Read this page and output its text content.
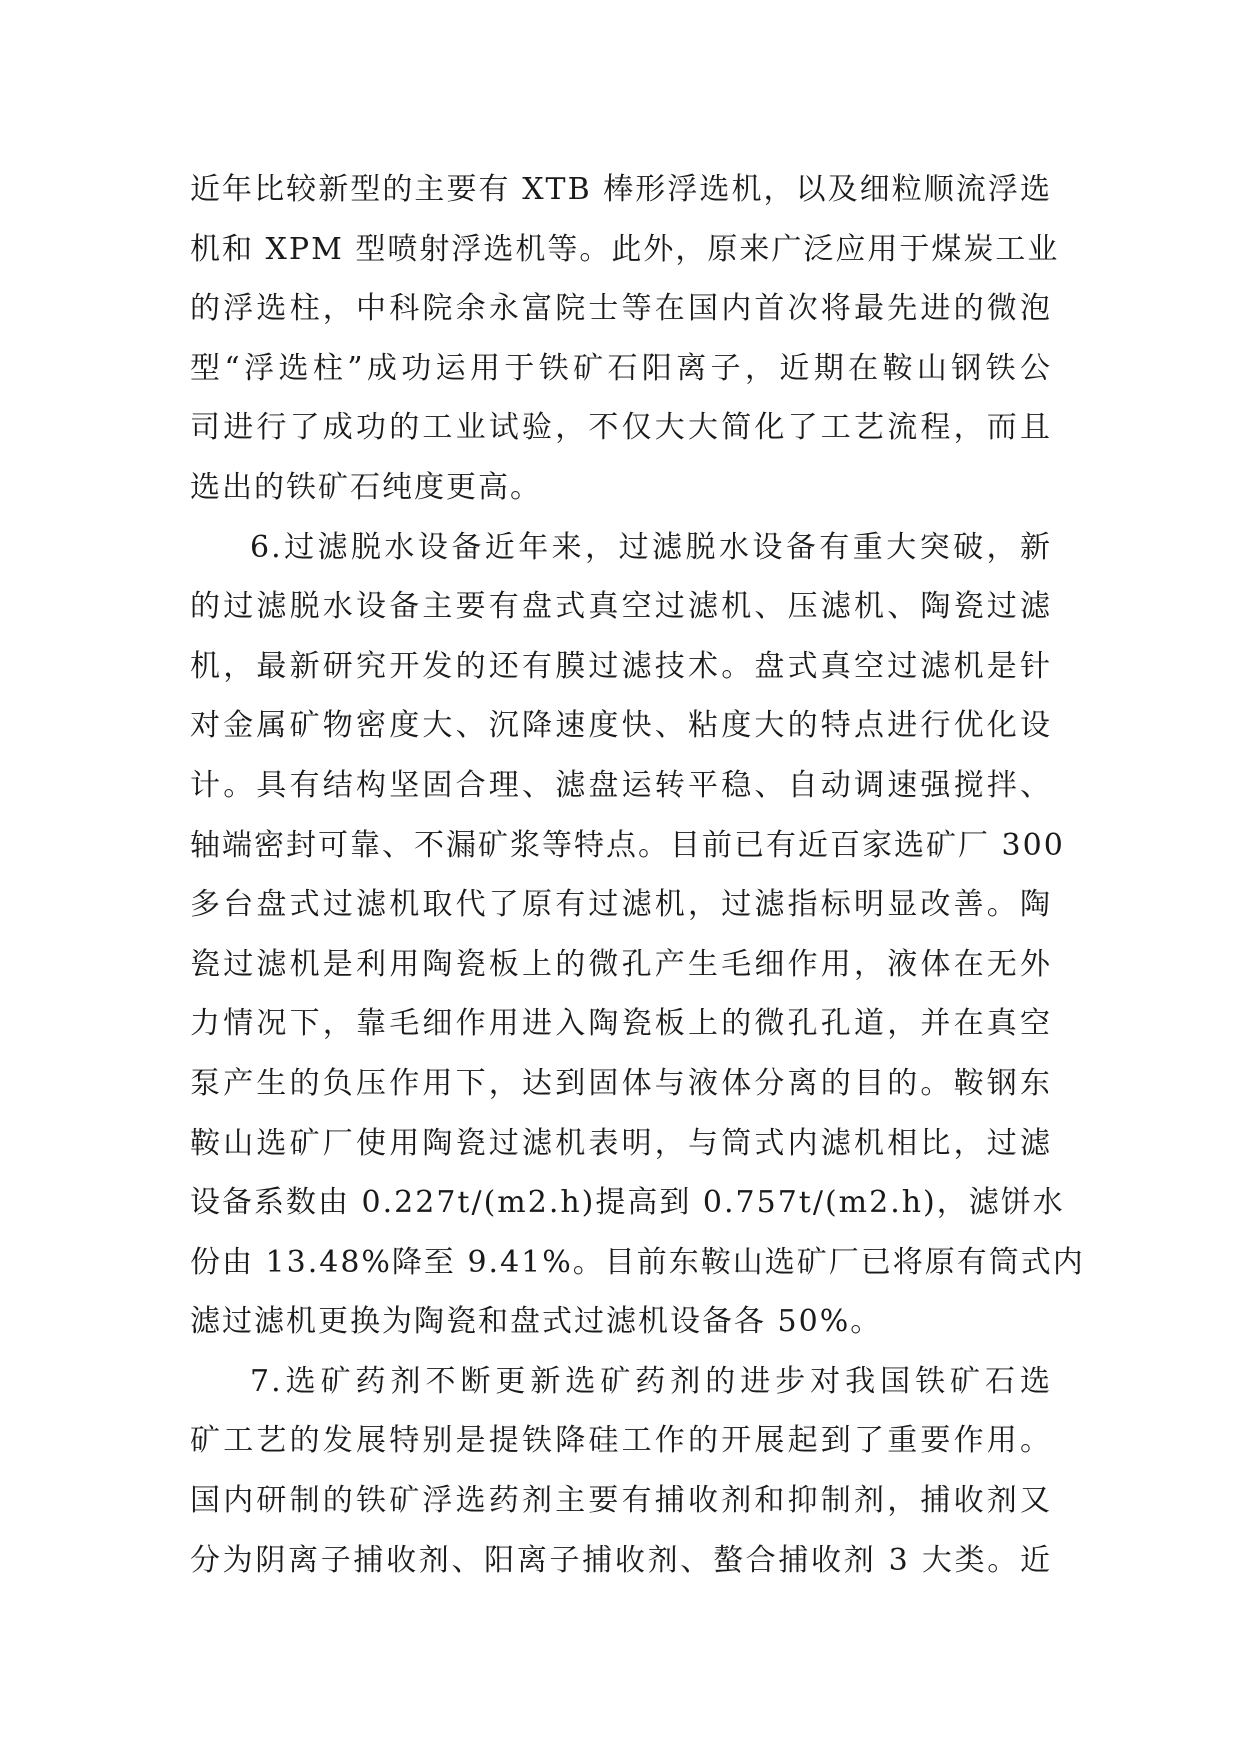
近年比较新型的主要有 XTB 棒形浮选机，以及细粒顺流浮选
机和 XPM 型喷射浮选机等。此外，原来广泛应用于煤炭工业
的浮选柱，中科院余永富院士等在国内首次将最先进的微泡
型“浮选柱”成功运用于铁矿石阳离子，近期在鞍山钢铁公
司进行了成功的工业试验，不仅大大简化了工艺流程，而且
选出的铁矿石纯度更高。
6.过滤脱水设备近年来，过滤脱水设备有重大突破，新
的过滤脱水设备主要有盘式真空过滤机、压滤机、陶瓷过滤
机，最新研究开发的还有膜过滤技术。盘式真空过滤机是针
对金属矿物密度大、沉降速度快、粘度大的特点进行优化设
计。具有结构坚固合理、滤盘运转平稳、自动调速强搅拌、
轴端密封可靠、不漏矿浆等特点。目前已有近百家选矿厂 300
多台盘式过滤机取代了原有过滤机，过滤指标明显改善。陶
瓷过滤机是利用陶瓷板上的微孔产生毛细作用，液体在无外
力情况下，靠毛细作用进入陶瓷板上的微孔孔道，并在真空
泵产生的负压作用下，达到固体与液体分离的目的。鞍钢东
鞍山选矿厂使用陶瓷过滤机表明，与筒式内滤机相比，过滤
设备系数由 0.227t/(m2.h)提高到 0.757t/(m2.h)，滤饼水
份由 13.48%降至 9.41%。目前东鞍山选矿厂已将原有筒式内
滤过滤机更换为陶瓷和盘式过滤机设备各 50%。
7.选矿药剂不断更新选矿药剂的进步对我国铁矿石选
矿工艺的发展特别是提铁降硅工作的开展起到了重要作用。
国内研制的铁矿浮选药剂主要有捕收剂和抑制剂，捕收剂又
分为阴离子捕收剂、阳离子捕收剂、螯合捕收剂 3 大类。近
